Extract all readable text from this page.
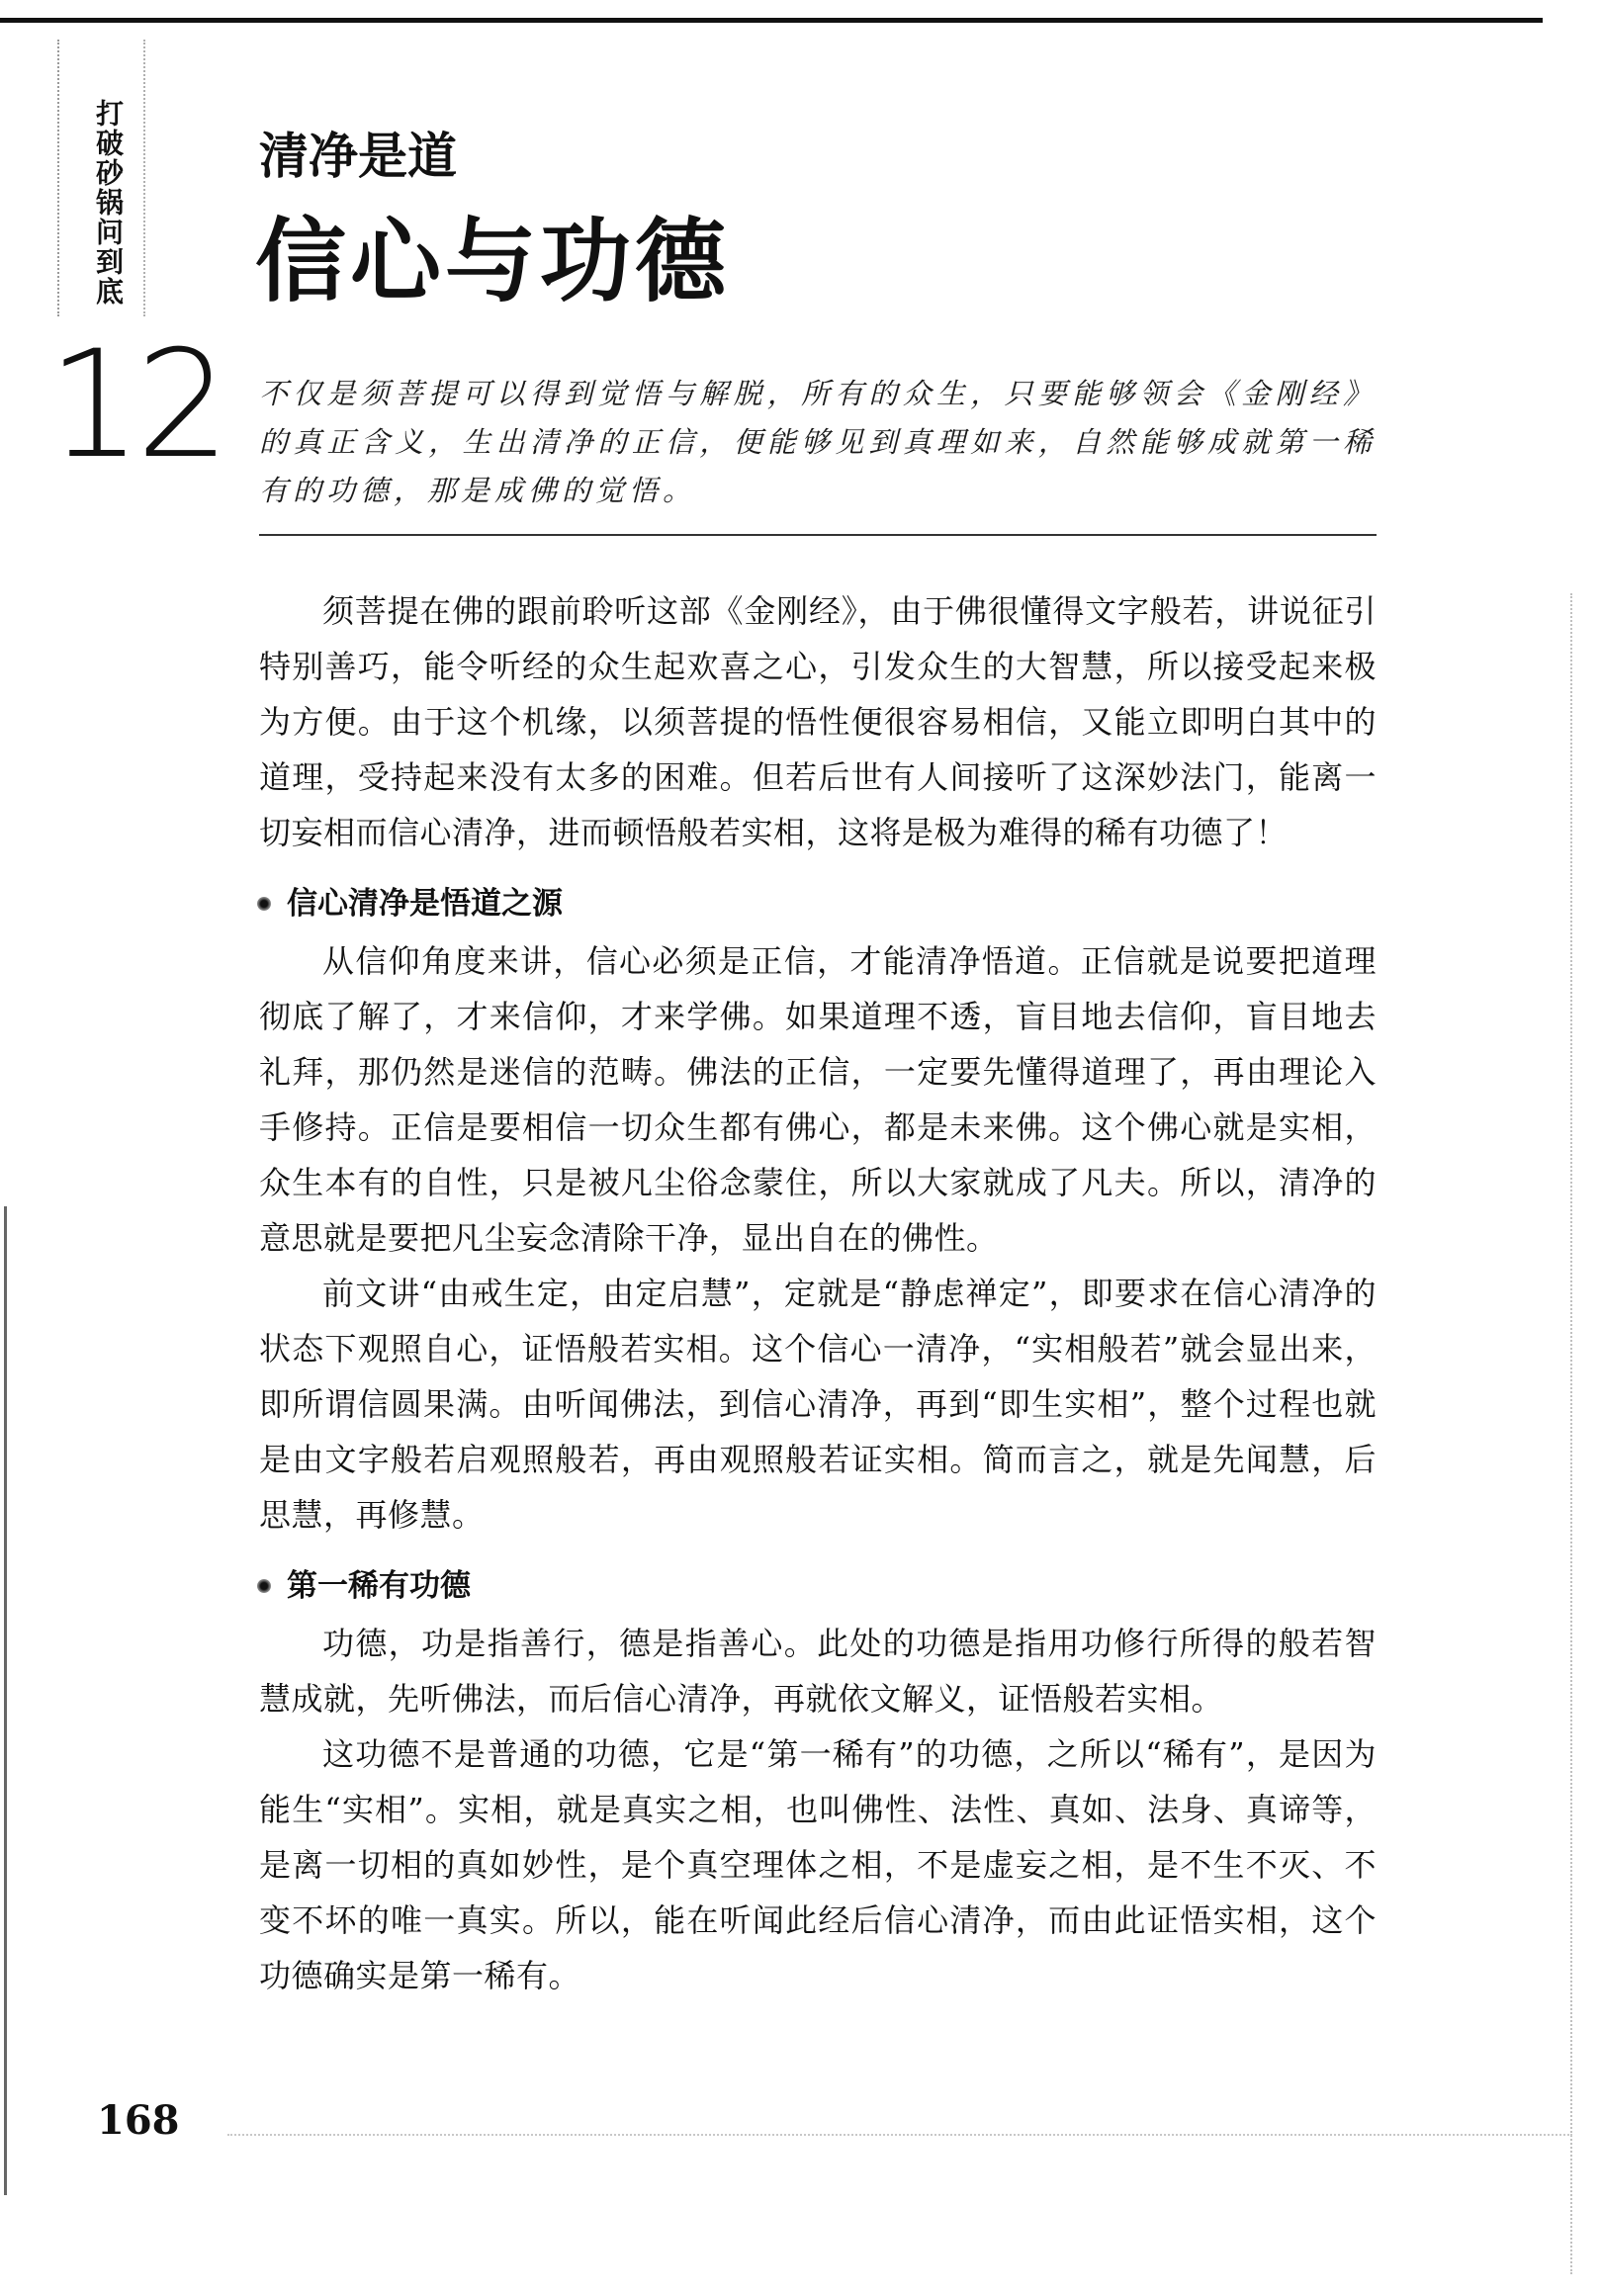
打破砂锅问到底
12
清净是道
信心与功德
不仅是须菩提可以得到觉悟与解脱，所有的众生，只要能够领会《金刚经》的真正含义，生出清净的正信，便能够见到真理如来，自然能够成就第一稀有的功德，那是成佛的觉悟。

须菩提在佛的跟前聆听这部《金刚经》，由于佛很懂得文字般若，讲说征引特别善巧，能令听经的众生起欢喜之心，引发众生的大智慧，所以接受起来极为方便。由于这个机缘，以须菩提的悟性便很容易相信，又能立即明白其中的道理，受持起来没有太多的困难。但若后世有人间接听了这深妙法门，能离一切妄相而信心清净，进而顿悟般若实相，这将是极为难得的稀有功德了！

信心清净是悟道之源

从信仰角度来讲，信心必须是正信，才能清净悟道。正信就是说要把道理彻底了解了，才来信仰，才来学佛。如果道理不透，盲目地去信仰，盲目地去礼拜，那仍然是迷信的范畴。佛法的正信，一定要先懂得道理了，再由理论入手修持。正信是要相信一切众生都有佛心，都是未来佛。这个佛心就是实相，众生本有的自性，只是被凡尘俗念蒙住，所以大家就成了凡夫。所以，清净的意思就是要把凡尘妄念清除干净，显出自在的佛性。

前文讲“由戒生定，由定启慧”，定就是“静虑禅定”，即要求在信心清净的状态下观照自心，证悟般若实相。这个信心一清净，“实相般若”就会显出来，即所谓信圆果满。由听闻佛法，到信心清净，再到“即生实相”，整个过程也就是由文字般若启观照般若，再由观照般若证实相。简而言之，就是先闻慧，后思慧，再修慧。

第一稀有功德

功德，功是指善行，德是指善心。此处的功德是指用功修行所得的般若智慧成就，先听佛法，而后信心清净，再就依文解义，证悟般若实相。

这功德不是普通的功德，它是“第一稀有”的功德，之所以“稀有”，是因为能生“实相”。实相，就是真实之相，也叫佛性、法性、真如、法身、真谛等，是离一切相的真如妙性，是个真空理体之相，不是虚妄之相，是不生不灭、不变不坏的唯一真实。所以，能在听闻此经后信心清净，而由此证悟实相，这个功德确实是第一稀有。

168
